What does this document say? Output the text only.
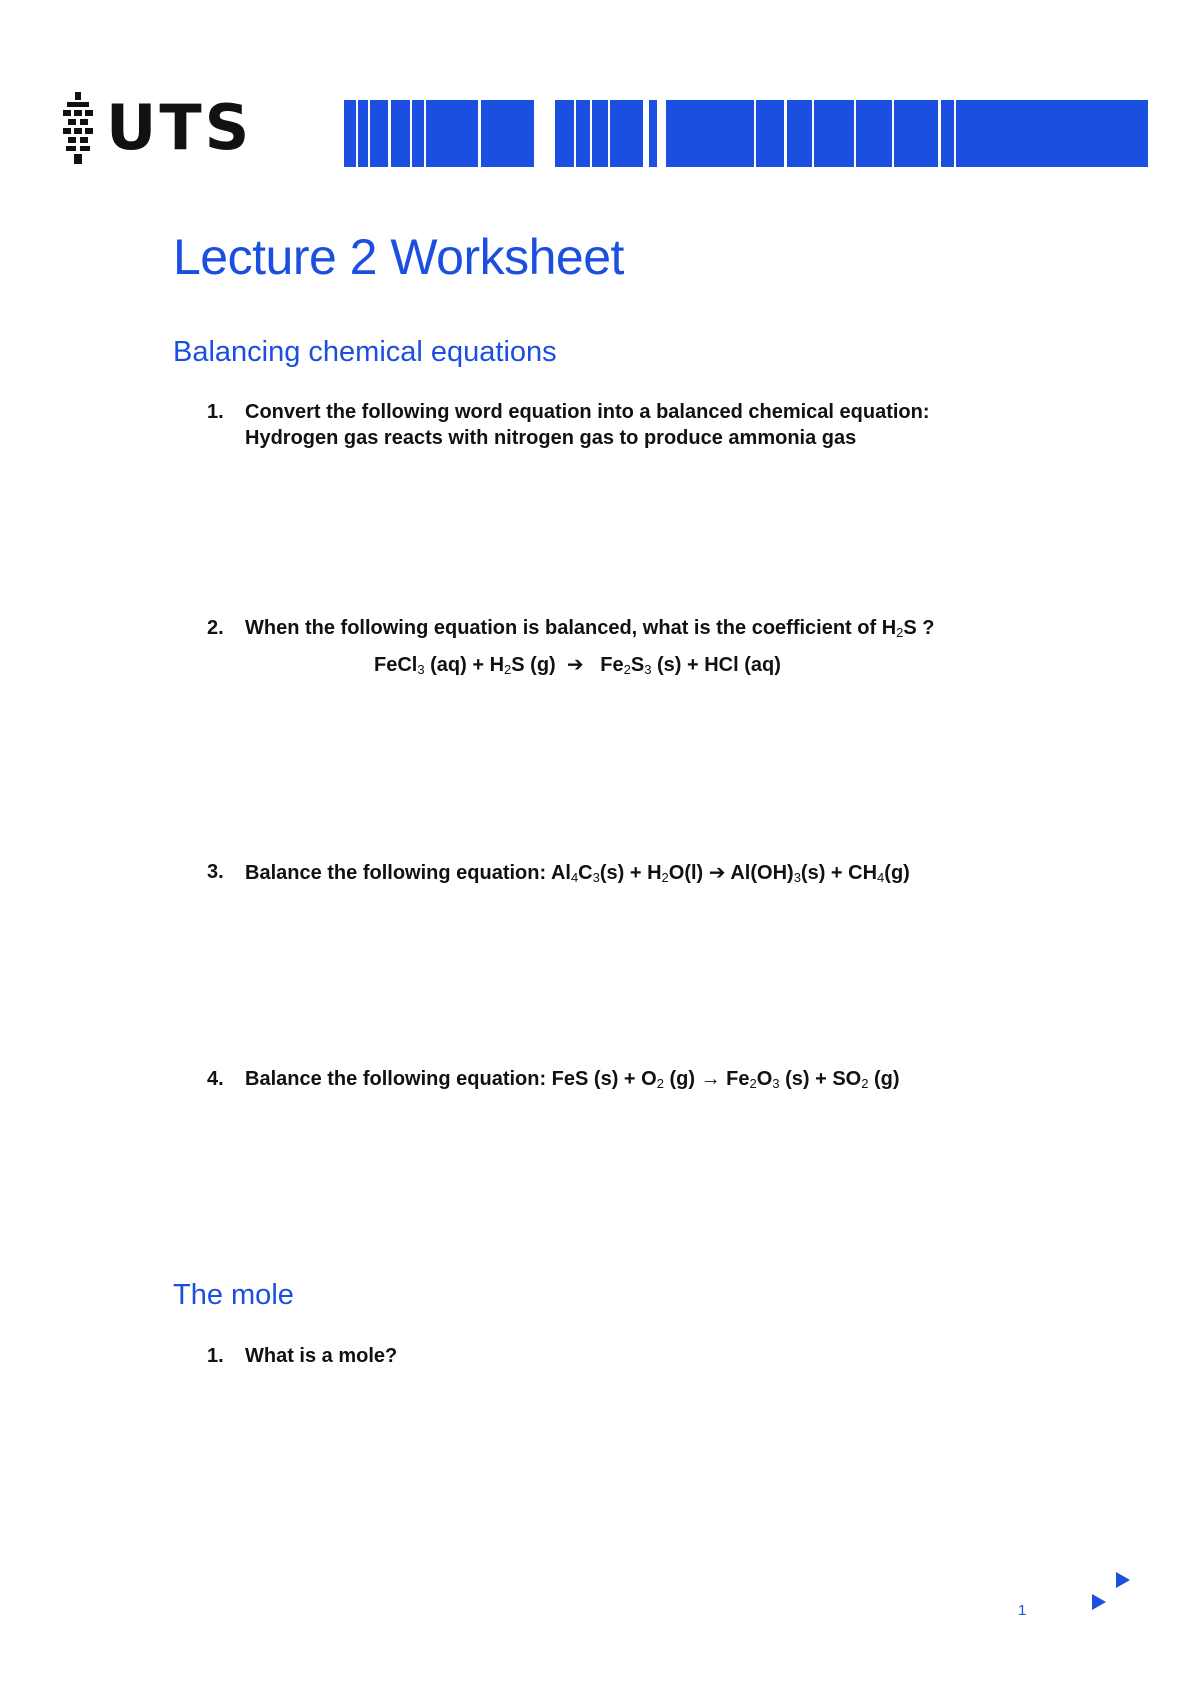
UTS
Lecture 2 Worksheet
Balancing chemical equations
1. Convert the following word equation into a balanced chemical equation:
Hydrogen gas reacts with nitrogen gas to produce ammonia gas
2. When the following equation is balanced, what is the coefficient of $H_2S$ ?
FeCl$_3$ $(aq) + H_2S$ (g) ➔ $Fe_2S_3$ (s) + HCl (aq)
3. Balance the following equation: $Al_4C_3(s) + H_2O(l)$ ➔ $Al(OH)_3(s) + CH_4(g)$
4. Balance the following equation: FeS $(s) + O_2$ $(g) \to Fe_2O_3$ $(s) + SO_2$ (g)
The mole
1. What is a mole?
1
